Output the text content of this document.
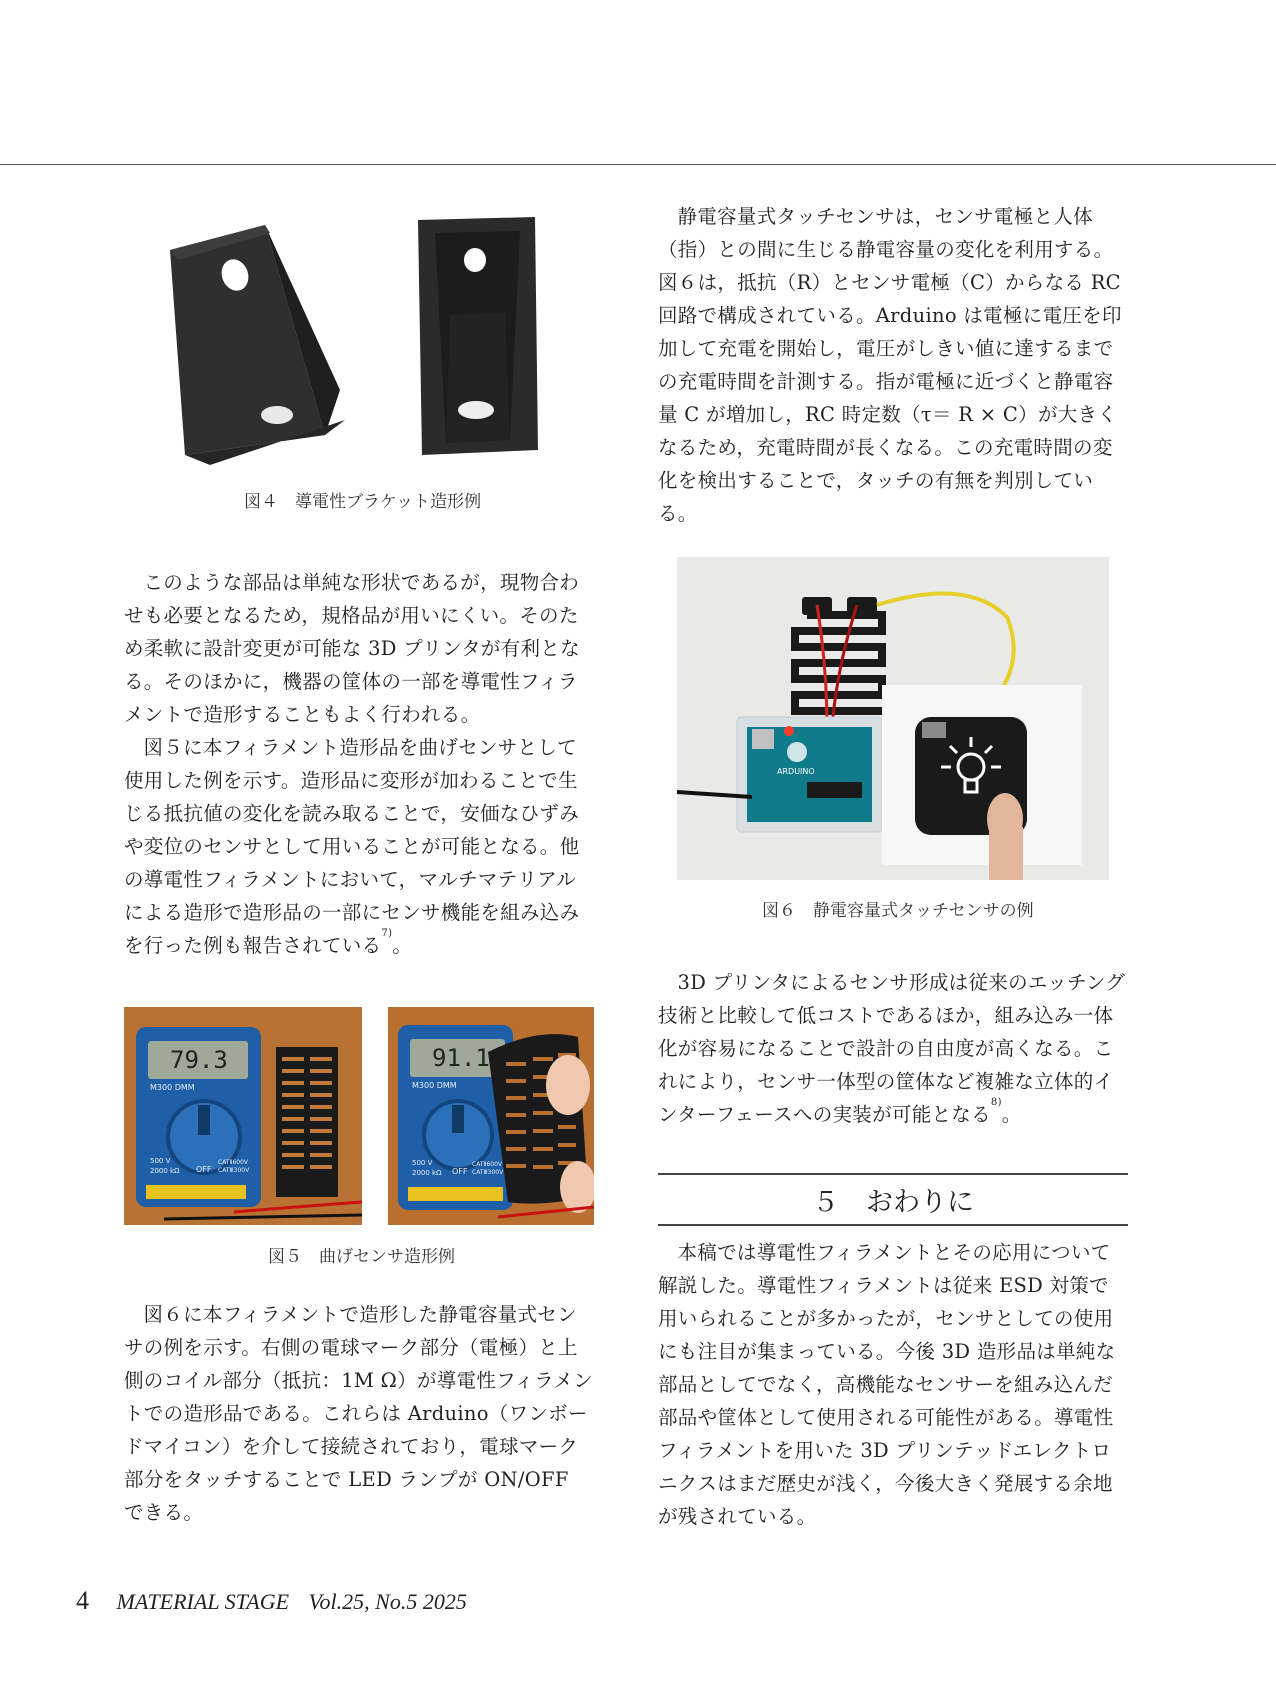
図４　導電性ブラケット造形例

このような部品は単純な形状であるが，現物合わせも必要となるため，規格品が用いにくい。そのため柔軟に設計変更が可能な 3D プリンタが有利となる。そのほかに，機器の筐体の一部を導電性フィラメントで造形することもよく行われる。

図５に本フィラメント造形品を曲げセンサとして使用した例を示す。造形品に変形が加わることで生じる抵抗値の変化を読み取ることで，安価なひずみや変位のセンサとして用いることが可能となる。他の導電性フィラメントにおいて，マルチマテリアルによる造形で造形品の一部にセンサ機能を組み込みを行った例も報告されている$^{7)}$。

79.3
M300 DMM
500 V
2000 kΩ OFF
CATⅡ600V CATⅢ300V
91.1
M300 DMM
500 V
2000 kΩ OFF
CATⅡ600V CATⅢ300V
図５　曲げセンサ造形例

図６に本フィラメントで造形した静電容量式センサの例を示す。右側の電球マーク部分（電極）と上側のコイル部分（抵抗：1M Ω）が導電性フィラメントでの造形品である。これらは Arduino（ワンボードマイコン）を介して接続されており，電球マーク部分をタッチすることで LED ランプが ON/OFF できる。

静電容量式タッチセンサは，センサ電極と人体（指）との間に生じる静電容量の変化を利用する。図６は，抵抗（R）とセンサ電極（C）からなる RC 回路で構成されている。Arduino は電極に電圧を印加して充電を開始し，電圧がしきい値に達するまでの充電時間を計測する。指が電極に近づくと静電容量 C が増加し，RC 時定数（τ＝ R × C）が大きくなるため，充電時間が長くなる。この充電時間の変化を検出することで，タッチの有無を判別している。

ARDUINO
図６　静電容量式タッチセンサの例

3D プリンタによるセンサ形成は従来のエッチング技術と比較して低コストであるほか，組み込み一体化が容易になることで設計の自由度が高くなる。これにより，センサ一体型の筐体など複雑な立体的インターフェースへの実装が可能となる$^{8)}$。

５　おわりに

本稿では導電性フィラメントとその応用について解説した。導電性フィラメントは従来 ESD 対策で用いられることが多かったが，センサとしての使用にも注目が集まっている。今後 3D 造形品は単純な部品としてでなく，高機能なセンサーを組み込んだ部品や筐体として使用される可能性がある。導電性フィラメントを用いた 3D プリンテッドエレクトロニクスはまだ歴史が浅く，今後大きく発展する余地が残されている。

4 MATERIAL STAGE Vol.25, No.5 2025
